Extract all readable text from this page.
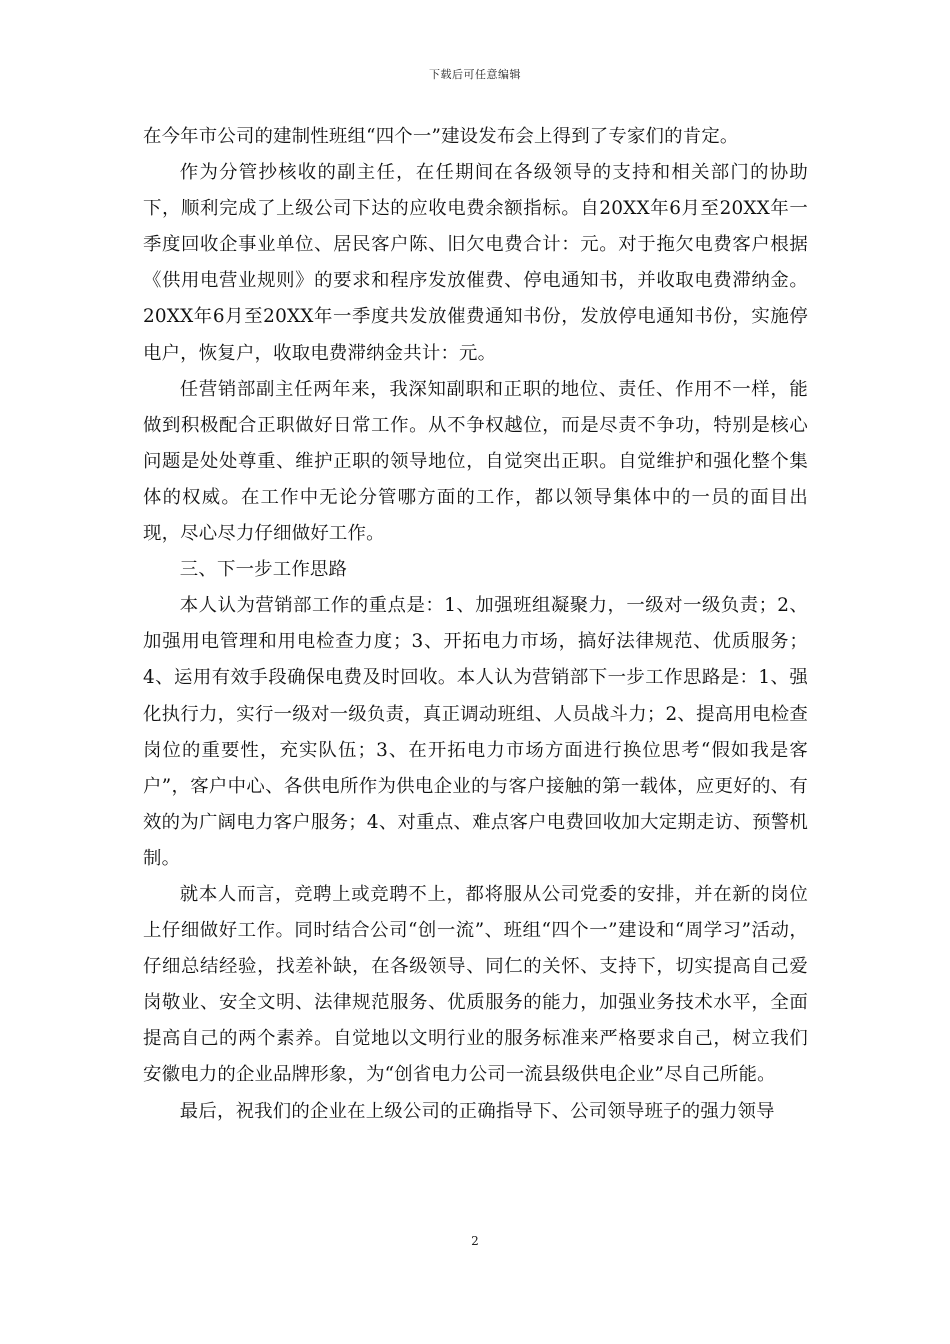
下载后可任意编辑

在今年市公司的建制性班组“四个一”建设发布会上得到了专家们的肯定。

作为分管抄核收的副主任，在任期间在各级领导的支持和相关部门的协助下，顺利完成了上级公司下达的应收电费余额指标。自20XX年6月至20XX年一季度回收企事业单位、居民客户陈、旧欠电费合计：元。对于拖欠电费客户根据《供用电营业规则》的要求和程序发放催费、停电通知书，并收取电费滞纳金。20XX年6月至20XX年一季度共发放催费通知书份，发放停电通知书份，实施停电户，恢复户，收取电费滞纳金共计：元。

任营销部副主任两年来，我深知副职和正职的地位、责任、作用不一样，能做到积极配合正职做好日常工作。从不争权越位，而是尽责不争功，特别是核心问题是处处尊重、维护正职的领导地位，自觉突出正职。自觉维护和强化整个集体的权威。在工作中无论分管哪方面的工作，都以领导集体中的一员的面目出现，尽心尽力仔细做好工作。

三、下一步工作思路

本人认为营销部工作的重点是：1、加强班组凝聚力，一级对一级负责；2、加强用电管理和用电检查力度；3、开拓电力市场，搞好法律规范、优质服务；4、运用有效手段确保电费及时回收。本人认为营销部下一步工作思路是：1、强化执行力，实行一级对一级负责，真正调动班组、人员战斗力；2、提高用电检查岗位的重要性，充实队伍；3、在开拓电力市场方面进行换位思考“假如我是客户”，客户中心、各供电所作为供电企业的与客户接触的第一载体，应更好的、有效的为广阔电力客户服务；4、对重点、难点客户电费回收加大定期走访、预警机制。

就本人而言，竞聘上或竞聘不上，都将服从公司党委的安排，并在新的岗位上仔细做好工作。同时结合公司“创一流”、班组“四个一”建设和“周学习”活动，仔细总结经验，找差补缺，在各级领导、同仁的关怀、支持下，切实提高自己爱岗敬业、安全文明、法律规范服务、优质服务的能力，加强业务技术水平，全面提高自己的两个素养。自觉地以文明行业的服务标准来严格要求自己，树立我们安徽电力的企业品牌形象，为“创省电力公司一流县级供电企业”尽自己所能。

最后，祝我们的企业在上级公司的正确指导下、公司领导班子的强力领导

2
